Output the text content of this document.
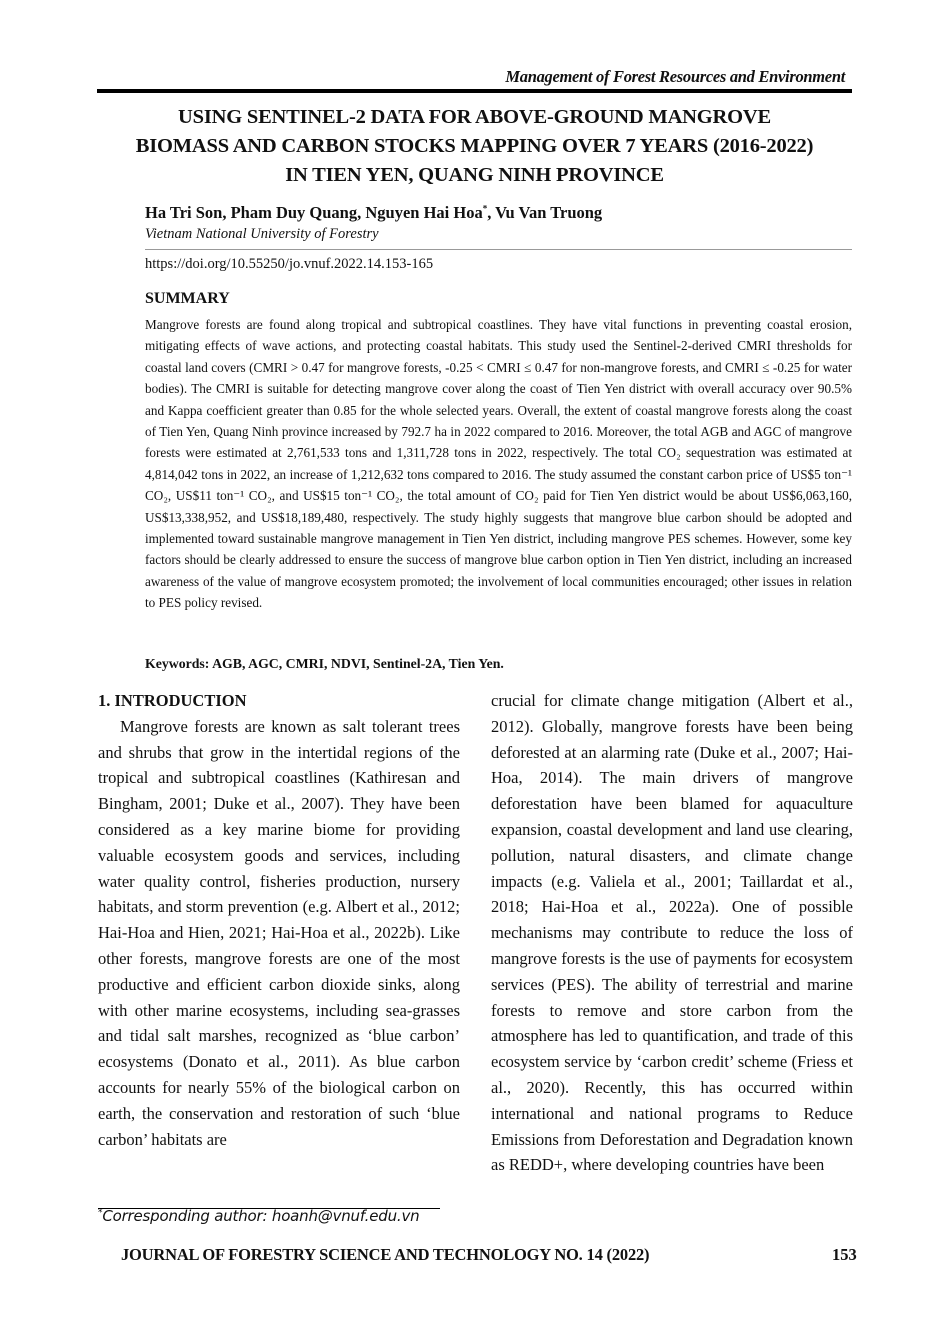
Management of Forest Resources and Environment
USING SENTINEL-2 DATA FOR ABOVE-GROUND MANGROVE
BIOMASS AND CARBON STOCKS MAPPING OVER 7 YEARS (2016-2022)
IN TIEN YEN, QUANG NINH PROVINCE
Ha Tri Son, Pham Duy Quang, Nguyen Hai Hoa*, Vu Van Truong
Vietnam National University of Forestry
https://doi.org/10.55250/jo.vnuf.2022.14.153-165
SUMMARY

Mangrove forests are found along tropical and subtropical coastlines. They have vital functions in preventing coastal erosion, mitigating effects of wave actions, and protecting coastal habitats. This study used the Sentinel-2-derived CMRI thresholds for coastal land covers (CMRI > 0.47 for mangrove forests, -0.25 < CMRI ≤ 0.47 for non-mangrove forests, and CMRI ≤ -0.25 for water bodies). The CMRI is suitable for detecting mangrove cover along the coast of Tien Yen district with overall accuracy over 90.5% and Kappa coefficient greater than 0.85 for the whole selected years. Overall, the extent of coastal mangrove forests along the coast of Tien Yen, Quang Ninh province increased by 792.7 ha in 2022 compared to 2016. Moreover, the total AGB and AGC of mangrove forests were estimated at 2,761,533 tons and 1,311,728 tons in 2022, respectively. The total CO₂ sequestration was estimated at 4,814,042 tons in 2022, an increase of 1,212,632 tons compared to 2016. The study assumed the constant carbon price of US$5 ton⁻¹ CO₂, US$11 ton⁻¹ CO₂, and US$15 ton⁻¹ CO₂, the total amount of CO₂ paid for Tien Yen district would be about US$6,063,160, US$13,338,952, and US$18,189,480, respectively. The study highly suggests that mangrove blue carbon should be adopted and implemented toward sustainable mangrove management in Tien Yen district, including mangrove PES schemes. However, some key factors should be clearly addressed to ensure the success of mangrove blue carbon option in Tien Yen district, including an increased awareness of the value of mangrove ecosystem promoted; the involvement of local communities encouraged; other issues in relation to PES policy revised.

Keywords: AGB, AGC, CMRI, NDVI, Sentinel-2A, Tien Yen.
1. INTRODUCTION

Mangrove forests are known as salt tolerant trees and shrubs that grow in the intertidal regions of the tropical and subtropical coastlines (Kathiresan and Bingham, 2001; Duke et al., 2007). They have been considered as a key marine biome for providing valuable ecosystem goods and services, including water quality control, fisheries production, nursery habitats, and storm prevention (e.g. Albert et al., 2012; Hai-Hoa and Hien, 2021; Hai-Hoa et al., 2022b). Like other forests, mangrove forests are one of the most productive and efficient carbon dioxide sinks, along with other marine ecosystems, including sea-grasses and tidal salt marshes, recognized as ‘blue carbon’ ecosystems (Donato et al., 2011). As blue carbon accounts for nearly 55% of the biological carbon on earth, the conservation and restoration of such ‘blue carbon’ habitats are

crucial for climate change mitigation (Albert et al., 2012). Globally, mangrove forests have been being deforested at an alarming rate (Duke et al., 2007; Hai-Hoa, 2014). The main drivers of mangrove deforestation have been blamed for aquaculture expansion, coastal development and land use clearing, pollution, natural disasters, and climate change impacts (e.g. Valiela et al., 2001; Taillardat et al., 2018; Hai-Hoa et al., 2022a). One of possible mechanisms may contribute to reduce the loss of mangrove forests is the use of payments for ecosystem services (PES). The ability of terrestrial and marine forests to remove and store carbon from the atmosphere has led to quantification, and trade of this ecosystem service by ‘carbon credit’ scheme (Friess et al., 2020). Recently, this has occurred within international and national programs to Reduce Emissions from Deforestation and Degradation known as REDD+, where developing countries have been

*Corresponding author: hoanh@vnuf.edu.vn
JOURNAL OF FORESTRY SCIENCE AND TECHNOLOGY NO. 14 (2022)	153
